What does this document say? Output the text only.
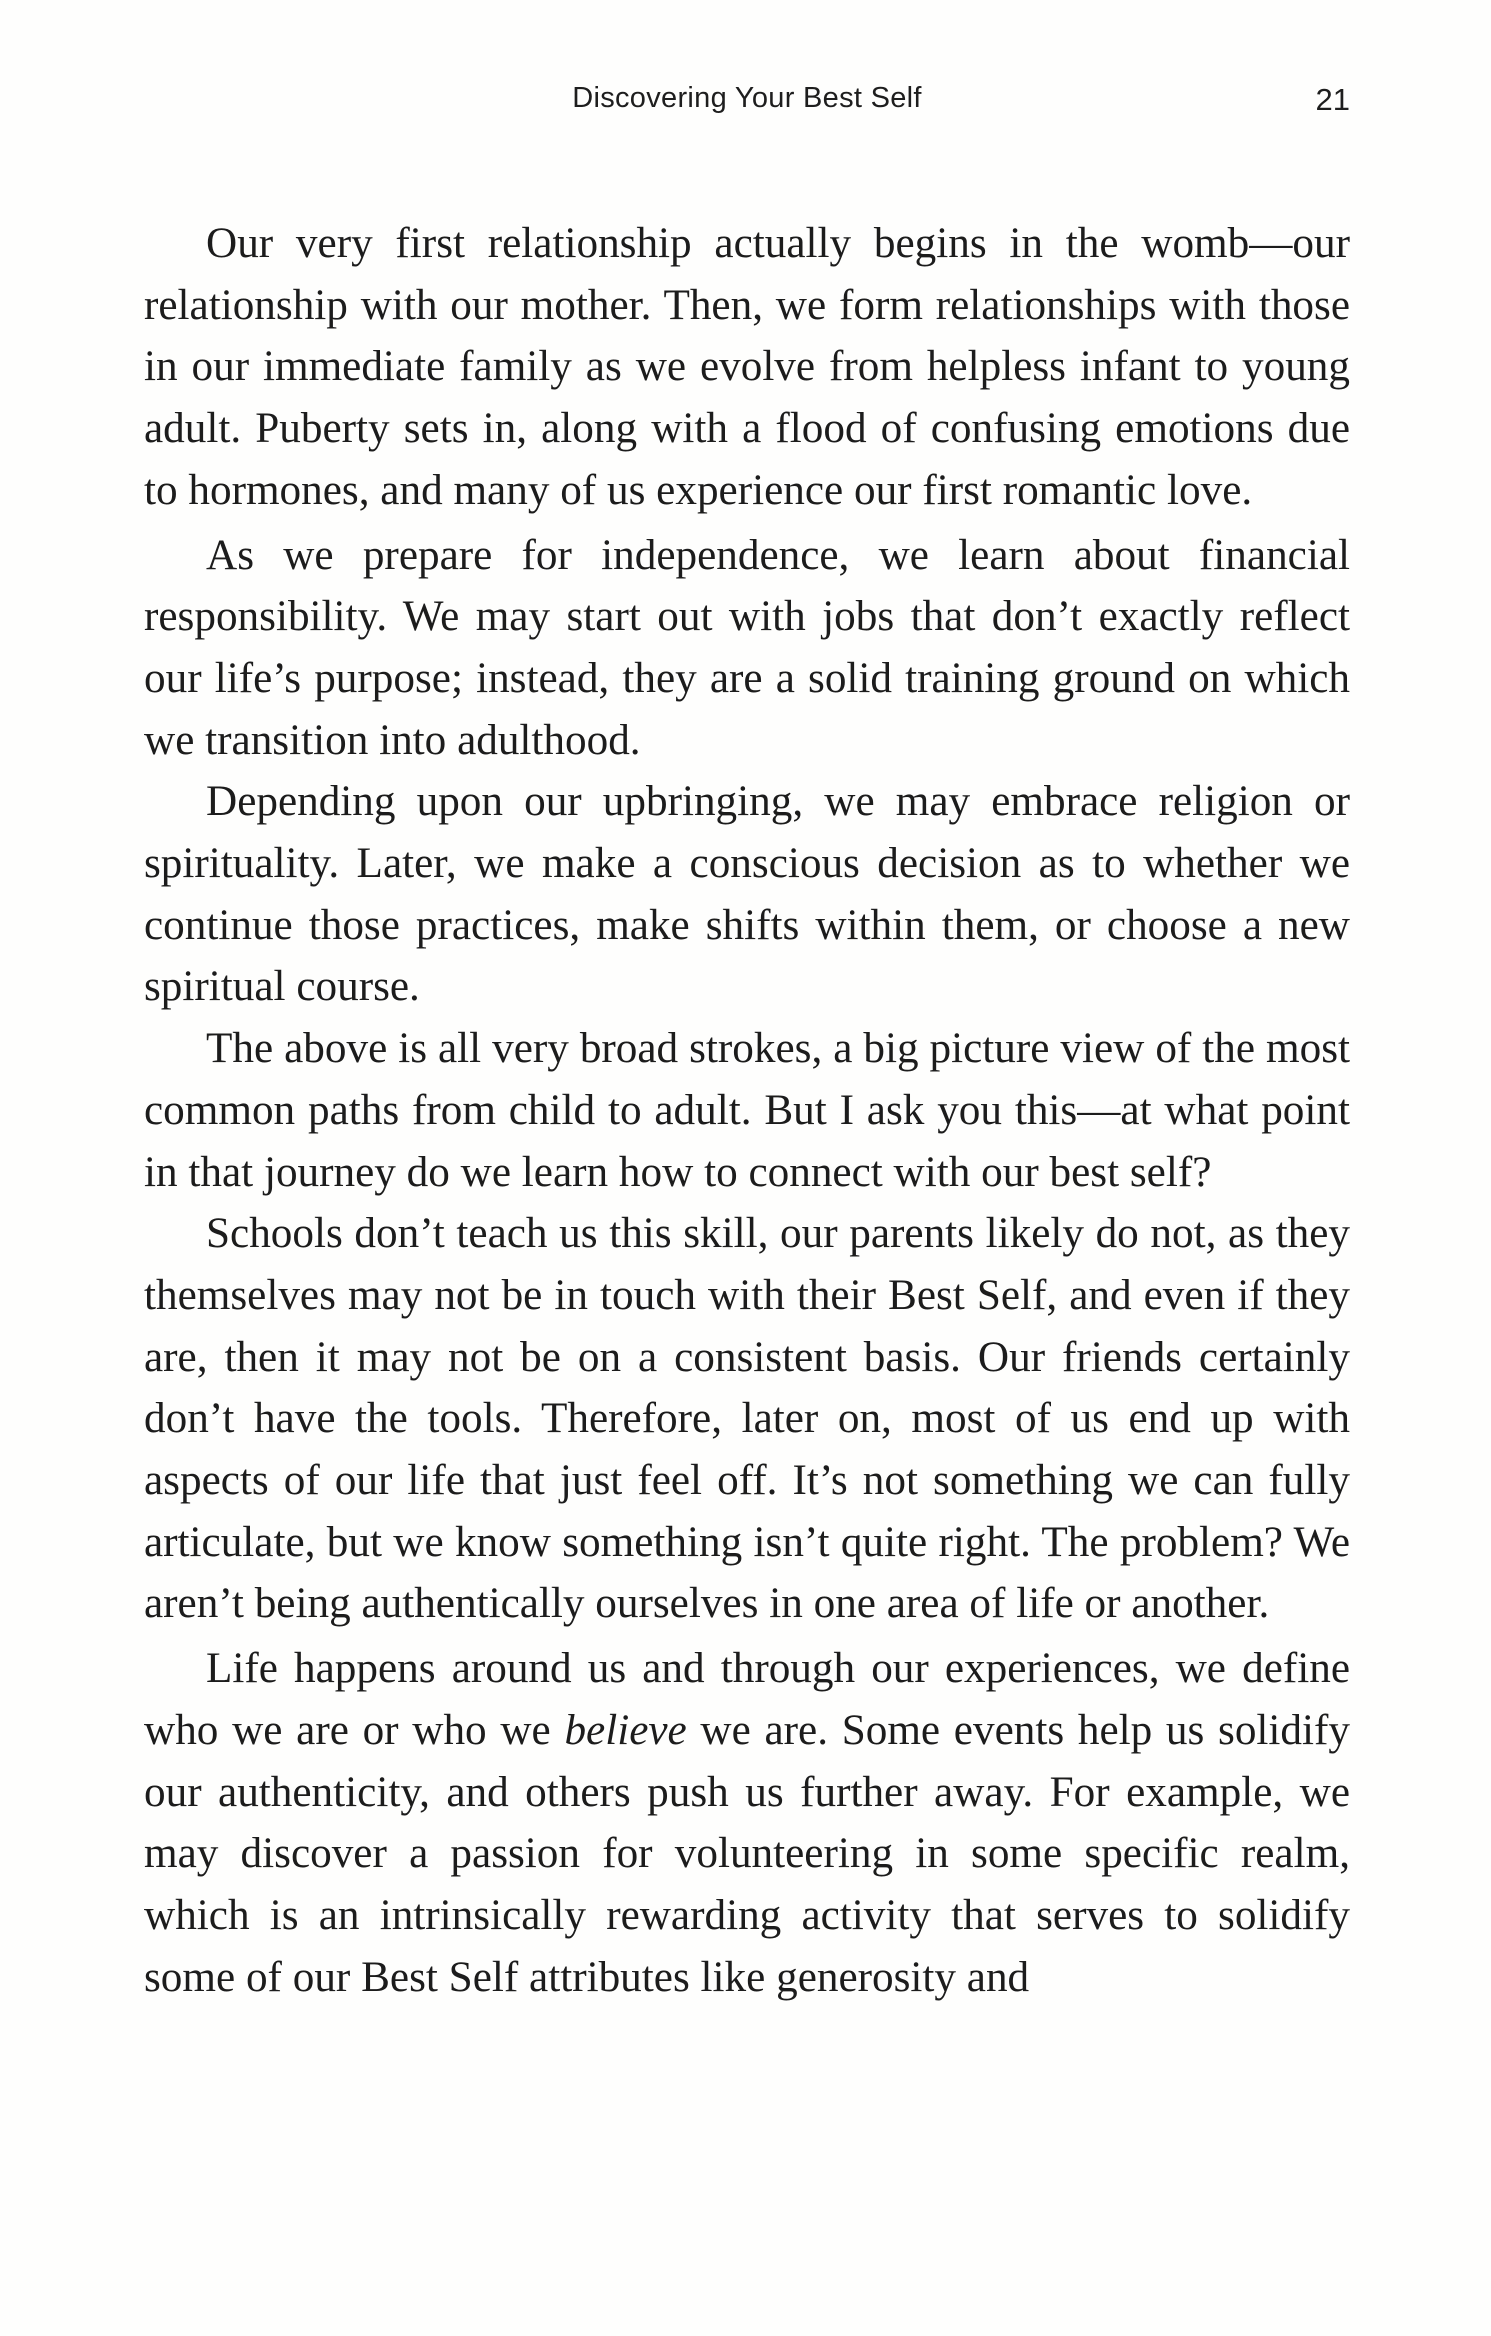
Discovering Your Best Self	21

Our very first relationship actually begins in the womb—our relationship with our mother. Then, we form relationships with those in our immediate family as we evolve from helpless infant to young adult. Puberty sets in, along with a flood of confusing emotions due to hormones, and many of us experience our first romantic love.

As we prepare for independence, we learn about financial responsibility. We may start out with jobs that don’t exactly reflect our life’s purpose; instead, they are a solid training ground on which we transition into adulthood.

Depending upon our upbringing, we may embrace religion or spirituality. Later, we make a conscious decision as to whether we continue those practices, make shifts within them, or choose a new spiritual course.

The above is all very broad strokes, a big picture view of the most common paths from child to adult. But I ask you this—at what point in that journey do we learn how to connect with our best self?

Schools don’t teach us this skill, our parents likely do not, as they themselves may not be in touch with their Best Self, and even if they are, then it may not be on a consistent basis. Our friends certainly don’t have the tools. Therefore, later on, most of us end up with aspects of our life that just feel off. It’s not something we can fully articulate, but we know something isn’t quite right. The problem? We aren’t being authentically ourselves in one area of life or another.

Life happens around us and through our experiences, we define who we are or who we believe we are. Some events help us solidify our authenticity, and others push us further away. For example, we may discover a passion for volunteering in some specific realm, which is an intrinsically rewarding activity that serves to solidify some of our Best Self attributes like generosity and
